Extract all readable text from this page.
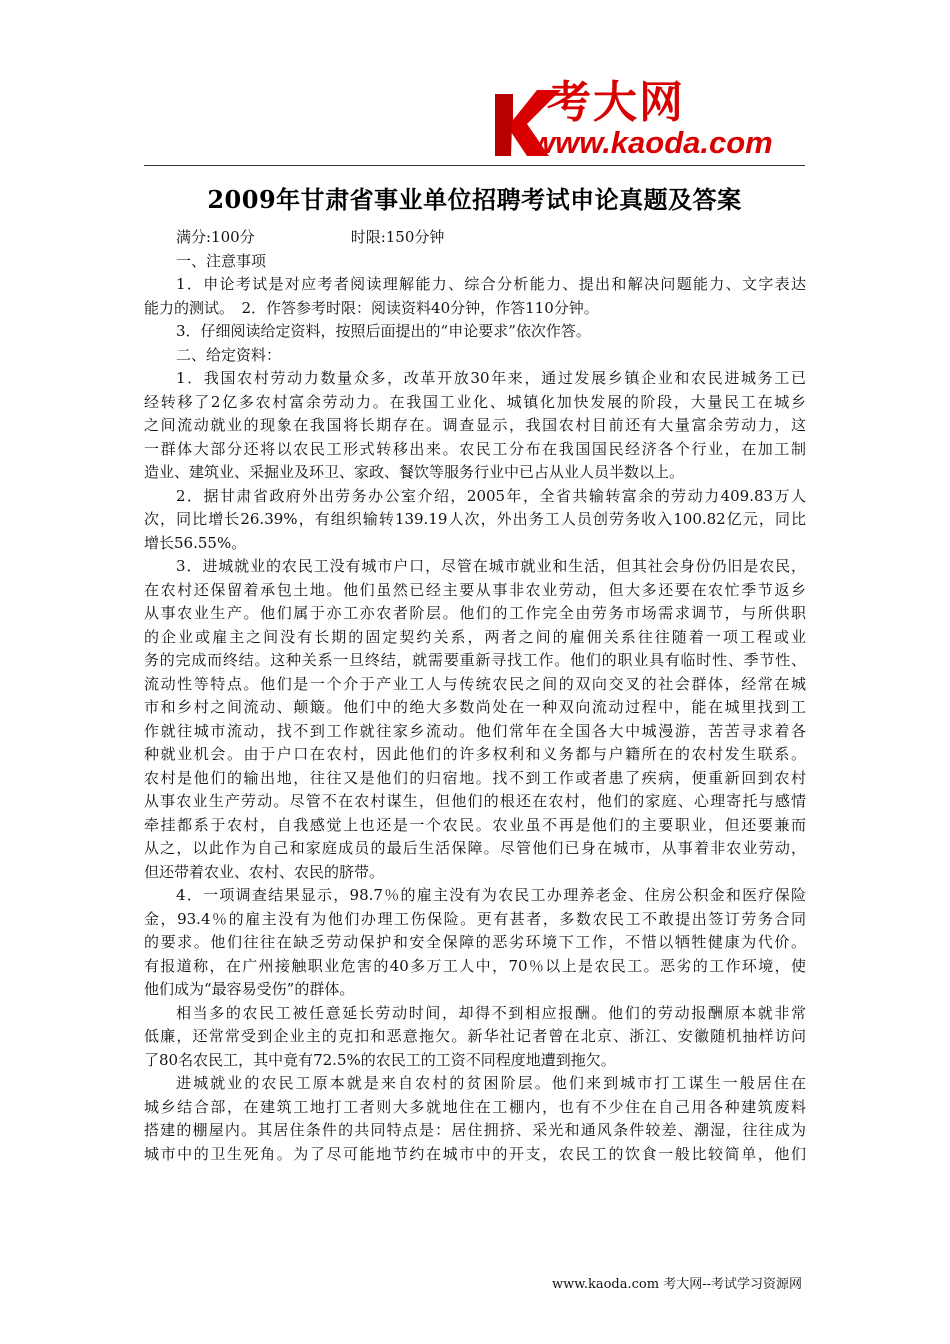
考大网
www.kaoda.com
2009年甘肃省事业单位招聘考试申论真题及答案
满分:100分	时限:150分钟
一、注意事项
1．申论考试是对应考者阅读理解能力、综合分析能力、提出和解决问题能力、文字表达
能力的测试。　2．作答参考时限：阅读资料40分钟，作答110分钟。
3．仔细阅读给定资料，按照后面提出的“申论要求”依次作答。
二、给定资料：
1．我国农村劳动力数量众多，改革开放30年来，通过发展乡镇企业和农民进城务工已
经转移了2亿多农村富余劳动力。在我国工业化、城镇化加快发展的阶段，大量民工在城乡
之间流动就业的现象在我国将长期存在。调查显示，我国农村目前还有大量富余劳动力，这
一群体大部分还将以农民工形式转移出来。农民工分布在我国国民经济各个行业，在加工制
造业、建筑业、采掘业及环卫、家政、餐饮等服务行业中已占从业人员半数以上。
2．据甘肃省政府外出劳务办公室介绍，2005年，全省共输转富余的劳动力409.83万人
次，同比增长26.39%，有组织输转139.19人次，外出务工人员创劳务收入100.82亿元，同比
增长56.55%。
3．进城就业的农民工没有城市户口，尽管在城市就业和生活，但其社会身份仍旧是农民，
在农村还保留着承包土地。他们虽然已经主要从事非农业劳动，但大多还要在农忙季节返乡
从事农业生产。他们属于亦工亦农者阶层。他们的工作完全由劳务市场需求调节，与所供职
的企业或雇主之间没有长期的固定契约关系，两者之间的雇佣关系往往随着一项工程或业
务的完成而终结。这种关系一旦终结，就需要重新寻找工作。他们的职业具有临时性、季节性、
流动性等特点。他们是一个介于产业工人与传统农民之间的双向交叉的社会群体，经常在城
市和乡村之间流动、颠簸。他们中的绝大多数尚处在一种双向流动过程中，能在城里找到工
作就往城市流动，找不到工作就往家乡流动。他们常年在全国各大中城漫游，苦苦寻求着各
种就业机会。由于户口在农村，因此他们的许多权利和义务都与户籍所在的农村发生联系。
农村是他们的输出地，往往又是他们的归宿地。找不到工作或者患了疾病，便重新回到农村
从事农业生产劳动。尽管不在农村谋生，但他们的根还在农村，他们的家庭、心理寄托与感情
牵挂都系于农村，自我感觉上也还是一个农民。农业虽不再是他们的主要职业，但还要兼而
从之，以此作为自己和家庭成员的最后生活保障。尽管他们已身在城市，从事着非农业劳动，
但还带着农业、农村、农民的脐带。
4．一项调查结果显示，98.7％的雇主没有为农民工办理养老金、住房公积金和医疗保险
金，93.4％的雇主没有为他们办理工伤保险。更有甚者，多数农民工不敢提出签订劳务合同
的要求。他们往往在缺乏劳动保护和安全保障的恶劣环境下工作，不惜以牺牲健康为代价。
有报道称，在广州接触职业危害的40多万工人中，70％以上是农民工。恶劣的工作环境，使
他们成为“最容易受伤”的群体。
相当多的农民工被任意延长劳动时间，却得不到相应报酬。他们的劳动报酬原本就非常
低廉，还常常受到企业主的克扣和恶意拖欠。新华社记者曾在北京、浙江、安徽随机抽样访问
了80名农民工，其中竟有72.5%的农民工的工资不同程度地遭到拖欠。
进城就业的农民工原本就是来自农村的贫困阶层。他们来到城市打工谋生一般居住在
城乡结合部，在建筑工地打工者则大多就地住在工棚内，也有不少住在自己用各种建筑废料
搭建的棚屋内。其居住条件的共同特点是：居住拥挤、采光和通风条件较差、潮湿，往往成为
城市中的卫生死角。为了尽可能地节约在城市中的开支，农民工的饮食一般比较简单，他们
www.kaoda.com 考大网--考试学习资源网
